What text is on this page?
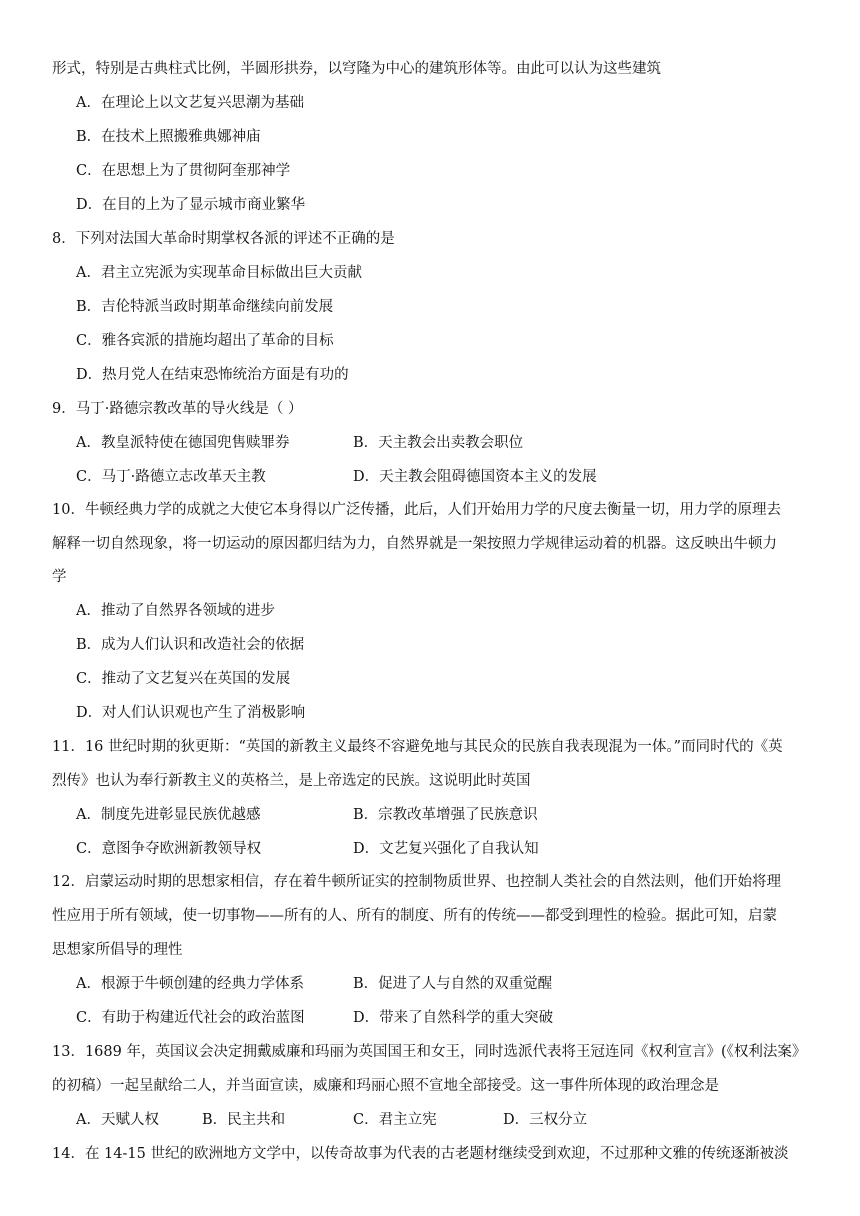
形式，特别是古典柱式比例，半圆形拱券，以穹隆为中心的建筑形体等。由此可以认为这些建筑
A．在理论上以文艺复兴思潮为基础
B．在技术上照搬雅典娜神庙
C．在思想上为了贯彻阿奎那神学
D．在目的上为了显示城市商业繁华
8．下列对法国大革命时期掌权各派的评述不正确的是
A．君主立宪派为实现革命目标做出巨大贡献
B．吉伦特派当政时期革命继续向前发展
C．雅各宾派的措施均超出了革命的目标
D．热月党人在结束恐怖统治方面是有功的
9．马丁·路德宗教改革的导火线是（ ）
A．教皇派特使在德国兜售赎罪券	B．天主教会出卖教会职位
C．马丁·路德立志改革天主教	D．天主教会阻碍德国资本主义的发展
10．牛顿经典力学的成就之大使它本身得以广泛传播，此后，人们开始用力学的尺度去衡量一切，用力学的原理去
解释一切自然现象，将一切运动的原因都归结为力，自然界就是一架按照力学规律运动着的机器。这反映出牛顿力
学
A．推动了自然界各领域的进步
B．成为人们认识和改造社会的依据
C．推动了文艺复兴在英国的发展
D．对人们认识观也产生了消极影响
11．16 世纪时期的狄更斯：“英国的新教主义最终不容避免地与其民众的民族自我表现混为一体。”而同时代的《英
烈传》也认为奉行新教主义的英格兰，是上帝选定的民族。这说明此时英国
A．制度先进彰显民族优越感	B．宗教改革增强了民族意识
C．意图争夺欧洲新教领导权	D．文艺复兴强化了自我认知
12．启蒙运动时期的思想家相信，存在着牛顿所证实的控制物质世界、也控制人类社会的自然法则，他们开始将理
性应用于所有领域，使一切事物——所有的人、所有的制度、所有的传统——都受到理性的检验。据此可知，启蒙
思想家所倡导的理性
A．根源于牛顿创建的经典力学体系	B．促进了人与自然的双重觉醒
C．有助于构建近代社会的政治蓝图	D．带来了自然科学的重大突破
13．1689 年，英国议会决定拥戴威廉和玛丽为英国国王和女王，同时选派代表将王冠连同《权利宣言》(《权利法案》
的初稿）一起呈献给二人，并当面宣读，威廉和玛丽心照不宣地全部接受。这一事件所体现的政治理念是
A．天赋人权	B．民主共和	C．君主立宪	D．三权分立
14．在 14-15 世纪的欧洲地方文学中，以传奇故事为代表的古老题材继续受到欢迎，不过那种文雅的传统逐渐被淡
